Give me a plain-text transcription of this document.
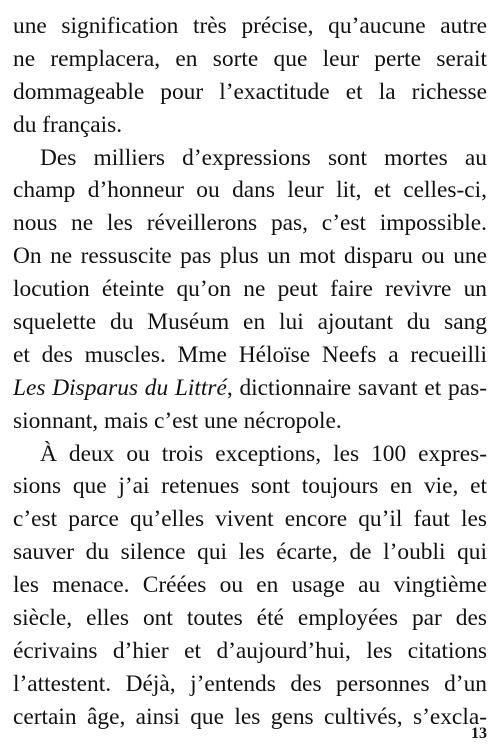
une signification très précise, qu’aucune autre
ne remplacera, en sorte que leur perte serait
dommageable pour l’exactitude et la richesse
du français.
Des milliers d’expressions sont mortes au
champ d’honneur ou dans leur lit, et celles-ci,
nous ne les réveillerons pas, c’est impossible.
On ne ressuscite pas plus un mot disparu ou une
locution éteinte qu’on ne peut faire revivre un
squelette du Muséum en lui ajoutant du sang
et des muscles. Mme Héloïse Neefs a recueilli
Les Disparus du Littré, dictionnaire savant et pas-
sionnant, mais c’est une nécropole.
À deux ou trois exceptions, les 100 expres-
sions que j’ai retenues sont toujours en vie, et
c’est parce qu’elles vivent encore qu’il faut les
sauver du silence qui les écarte, de l’oubli qui
les menace. Créées ou en usage au vingtième
siècle, elles ont toutes été employées par des
écrivains d’hier et d’aujourd’hui, les citations
l’attestent. Déjà, j’entends des personnes d’un
certain âge, ainsi que les gens cultivés, s’excla-
13
